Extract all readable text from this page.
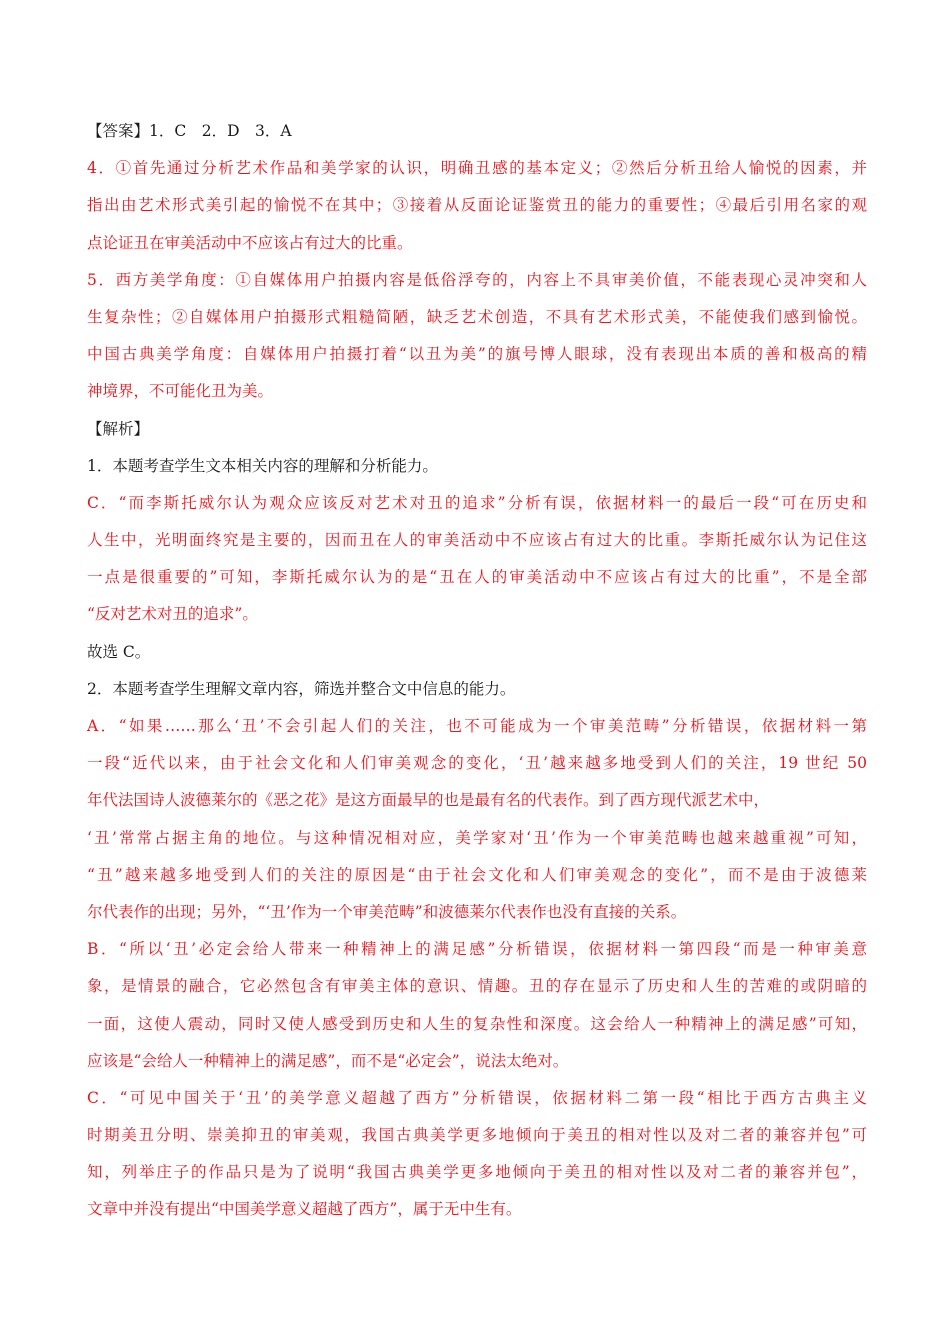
【答案】1．C　2．D　3．A
4．①首先通过分析艺术作品和美学家的认识，明确丑感的基本定义；②然后分析丑给人愉悦的因素，并
指出由艺术形式美引起的愉悦不在其中；③接着从反面论证鉴赏丑的能力的重要性；④最后引用名家的观
点论证丑在审美活动中不应该占有过大的比重。
5．西方美学角度：①自媒体用户拍摄内容是低俗浮夸的，内容上不具审美价值，不能表现心灵冲突和人
生复杂性；②自媒体用户拍摄形式粗糙简陋，缺乏艺术创造，不具有艺术形式美，不能使我们感到愉悦。
中国古典美学角度：自媒体用户拍摄打着“以丑为美”的旗号博人眼球，没有表现出本质的善和极高的精
神境界，不可能化丑为美。
【解析】
1．本题考查学生文本相关内容的理解和分析能力。
C．“而李斯托威尔认为观众应该反对艺术对丑的追求”分析有误，依据材料一的最后一段“可在历史和
人生中，光明面终究是主要的，因而丑在人的审美活动中不应该占有过大的比重。李斯托威尔认为记住这
一点是很重要的”可知，李斯托威尔认为的是“丑在人的审美活动中不应该占有过大的比重”，不是全部
“反对艺术对丑的追求”。
故选 C。
2．本题考查学生理解文章内容，筛选并整合文中信息的能力。
A．“如果……那么‘丑’不会引起人们的关注，也不可能成为一个审美范畴”分析错误，依据材料一第
一段“近代以来，由于社会文化和人们审美观念的变化，‘丑’越来越多地受到人们的关注，19 世纪 50
年代法国诗人波德莱尔的《恶之花》是这方面最早的也是最有名的代表作。到了西方现代派艺术中，
‘丑’常常占据主角的地位。与这种情况相对应，美学家对‘丑’作为一个审美范畴也越来越重视”可知，
“丑”越来越多地受到人们的关注的原因是“由于社会文化和人们审美观念的变化”，而不是由于波德莱
尔代表作的出现；另外，“‘丑’作为一个审美范畴”和波德莱尔代表作也没有直接的关系。
B．“所以‘丑’必定会给人带来一种精神上的满足感”分析错误，依据材料一第四段“而是一种审美意
象，是情景的融合，它必然包含有审美主体的意识、情趣。丑的存在显示了历史和人生的苦难的或阴暗的
一面，这使人震动，同时又使人感受到历史和人生的复杂性和深度。这会给人一种精神上的满足感”可知，
应该是“会给人一种精神上的满足感”，而不是“必定会”，说法太绝对。
C．“可见中国关于‘丑’的美学意义超越了西方”分析错误，依据材料二第一段“相比于西方古典主义
时期美丑分明、崇美抑丑的审美观，我国古典美学更多地倾向于美丑的相对性以及对二者的兼容并包”可
知，列举庄子的作品只是为了说明“我国古典美学更多地倾向于美丑的相对性以及对二者的兼容并包”，
文章中并没有提出“中国美学意义超越了西方”，属于无中生有。
